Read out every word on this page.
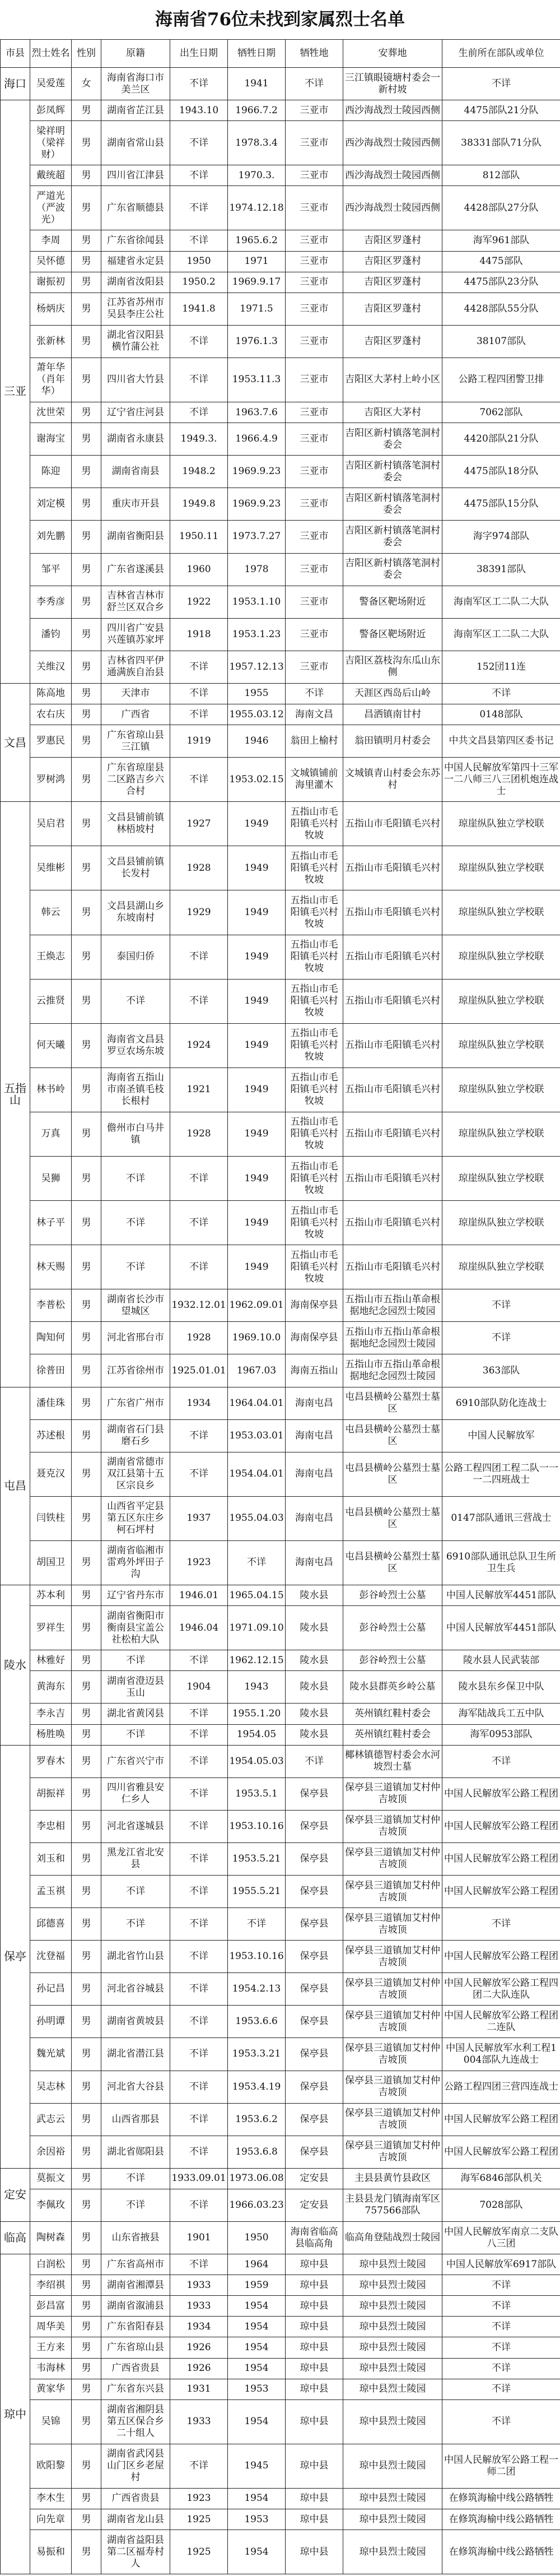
海南省76位未找到家属烈士名单
市县	烈士姓名	性别	原籍	出生日期	牺牲日期	牺牲地	安葬地	生前所在部队或单位
海口	吴爱莲	女	海南省海口市美兰区	不详	1941	不详	三江镇眼镜塘村委会一新村坡	不详
三亚	彭凤辉	男	湖南省芷江县	1943.10	1966.7.2	三亚市	西沙海战烈士陵园西侧	4475部队21分队
	梁祥明（梁祥财）	男	湖南省常山县	不详	1978.3.4	三亚市	西沙海战烈士陵园西侧	38331部队71分队
	戴统超	男	四川省江津县	不详	1970.3.	三亚市	西沙海战烈士陵园西侧	812部队
	严道光（严波光）	男	广东省顺德县	不详	1974.12.18	三亚市	西沙海战烈士陵园西侧	4428部队27分队
	李周	男	广东省徐闻县	不详	1965.6.2	三亚市	吉阳区罗蓬村	海军961部队
	吴怀德	男	福建省永定县	1950	1971	三亚市	吉阳区罗蓬村	4475部队
	谢振初	男	湖南省汝阳县	1950.2	1969.9.17	三亚市	吉阳区罗蓬村	4475部队23分队
	杨炳庆	男	江苏省苏州市吴县李庄公社	1941.8	1971.5	三亚市	吉阳区罗蓬村	4428部队55分队
	张新林	男	湖北省汉阳县横竹蒲公社	不详	1976.1.3	三亚市	吉阳区罗蓬村	38107部队
	萧年华（肖年华）	男	四川省大竹县	不详	1953.11.3	三亚市	吉阳区大茅村上岭小区	公路工程四团警卫排
	沈世荣	男	辽宁省庄河县	不详	1963.7.6	三亚市	吉阳区大茅村	7062部队
	谢海宝	男	湖南省永康县	1949.3.	1966.4.9	三亚市	吉阳区新村镇落笔洞村委会	4420部队21分队
	陈迎	男	湖南省南县	1948.2	1969.9.23	三亚市	吉阳区新村镇落笔洞村委会	4475部队18分队
	刘定模	男	重庆市开县	1949.8	1969.9.23	三亚市	吉阳区新村镇落笔洞村委会	4475部队15分队
	刘先鹏	男	湖南省衡阳县	1950.11	1973.7.27	三亚市	吉阳区新村镇落笔洞村委会	海字974部队
	邹平	男	广东省遂溪县	1960	1978	三亚市	吉阳区新村镇落笔洞村委会	38391部队
	李秀彦	男	吉林省吉林市舒兰区双合乡	1922	1953.1.10	三亚市	警备区靶场附近	海南军区工二队二大队
	潘钧	男	四川省广安县兴莲镇苏家坪	1918	1953.1.23	三亚市	警备区靶场附近	海南军区工二队二大队
	关维汉	男	吉林省四平伊通满族自治县	不详	1957.12.13	三亚市	吉阳区荔枝沟东瓜山东侧	152団11连
文昌	陈高地	男	天津市	不详	1955	不详	天涯区西岛后山岭	不详
	农右庆	男	广西省	不详	1955.03.12	海南文昌	昌洒镇南甘村	0148部队
	罗惠民	男	广东省琼山县三江镇	1919	1946	翁田上榆村	翁田镇明月村委会	中共文昌县第四区委书记
	罗树鸿	男	广东省琼崖县二区路吉乡六合村	不详	1953.02.15	文城镇铺前海里灌木	文城镇青山村委会东苏村	中国人民解放军第四十三军一二八师三八三团机炮连战士
五指山	吴启君	男	文昌县铺前镇林梧坡村	1927	1949	五指山市毛阳镇毛兴村牧坡	五指山市毛阳镇毛兴村	琼崖纵队独立学校联
	吴维彬	男	文昌县铺前镇长发村	1928	1949	五指山市毛阳镇毛兴村牧坡	五指山市毛阳镇毛兴村	琼崖纵队独立学校联
	韩云	男	文昌县湖山乡东坡南村	1929	1949	五指山市毛阳镇毛兴村牧坡	五指山市毛阳镇毛兴村	琼崖纵队独立学校联
	王焕志	男	泰国归侨	不详	1949	五指山市毛阳镇毛兴村牧坡	五指山市毛阳镇毛兴村	琼崖纵队独立学校联
	云推贤	男	不详	不详	1949	五指山市毛阳镇毛兴村牧坡	五指山市毛阳镇毛兴村	琼崖纵队独立学校联
	何天曦	男	海南省文昌县罗豆农场东坡	1924	1949	五指山市毛阳镇毛兴村牧坡	五指山市毛阳镇毛兴村	琼崖纵队独立学校联
	林书岭	男	海南省五指山市南圣镇毛枝长根村	1921	1949	五指山市毛阳镇毛兴村牧坡	五指山市毛阳镇毛兴村	琼崖纵队独立学校联
	万真	男	儋州市白马井镇	1928	1949	五指山市毛阳镇毛兴村牧坡	五指山市毛阳镇毛兴村	琼崖纵队独立学校联
	吴狮	男	不详	不详	1949	五指山市毛阳镇毛兴村牧坡	五指山市毛阳镇毛兴村	琼崖纵队独立学校联
	林子平	男	不详	不详	1949	五指山市毛阳镇毛兴村牧坡	五指山市毛阳镇毛兴村	琼崖纵队独立学校联
	林天赐	男	不详	不详	1949	五指山市毛阳镇毛兴村牧坡	五指山市毛阳镇毛兴村	琼崖纵队独立学校联
	李普松	男	湖南省长沙市望城区	1932.12.01	1962.09.01	海南保亭县	五指山市五指山革命根据地纪念园烈士陵园	不详
	陶知何	男	河北省邢台市	1928	1969.10.0	海南保亭县	五指山市五指山革命根据地纪念园烈士陵园	不详
	徐普田	男	江苏省徐州市	1925.01.01	1967.03	海南五指山	五指山市五指山革命根据地纪念园烈士陵园	363部队
屯昌	潘佳珠	男	广东省广州市	1934	1964.04.01	海南屯昌	屯昌县横岭公墓烈士墓区	6910部队防化连战士
	苏述根	男	湖南省石门县磨石乡	不详	1953.03.01	海南屯昌	屯昌县横岭公墓烈士墓区	中国人民解放军
	聂克汉	男	湖南省常德市双江县第十五区宗良乡	不详	1954.04.01	海南屯昌	屯昌县横岭公墓烈士墓区	公路工程四团工程二队一一一二四班战士
	闫铁柱	男	山西省平定县第五区东庄乡柯石坪村	1937	1955.04.03	海南屯昌	屯昌县横岭公墓烈士墓区	0147部队通讯三营战士
	胡国卫	男	湖南省临湘市雷鸡外坪田子沟	1923	不详	海南屯昌	屯昌县横岭公墓烈士墓区	6910部队通讯总队卫生所卫生兵
陵水	苏本利	男	辽宁省丹东市	1946.01	1965.04.15	陵水县	彭谷岭烈士公墓	中国人民解放军4451部队
	罗祥生	男	湖南省衡阳市衡南县宝盖公社松柏大队	1946.04	1971.09.10	陵水县	彭谷岭烈士公墓	中国人民解放军4451部队
	林雅好	男	不详	不详	1962.12.15	陵水县	彭谷岭烈士公墓	陵水县人民武装部
	黄海东	男	湖南省澄迈县玉山	1904	1943	陵水县	陵水县群英乡岭公墓	陵水县东乡保卫中队
	李永吉	男	湖北省黄冈县	不详	1955.1.20	陵水县	英州镇红鞋村委会	海军陆战兵工五中队
	杨胜唤	男	不详	不详	1954.05	陵水县	英州镇红鞋村委会	海军0953部队
保亭	罗春木	男	广东省兴宁市	不详	1954.05.03	不详	椰林镇德智村委会水河坡烈士墓	不详
	胡振祥	男	四川省雅县安仁乡人	不详	1953.5.1	保亭县	保亭县三道镇加艾村仲吉坡顶	中国人民解放军公路工程团
	李忠相	男	河北省遂城县	不详	1953.10.16	保亭县	保亭县三道镇加艾村仲吉坡顶	中国人民解放军公路工程团
	刘玉和	男	黑龙江省北安县	不详	1953.5.21	保亭县	保亭县三道镇加艾村仲吉坡顶	中国人民解放军公路工程团
	孟玉祺	男	不详	不详	1955.5.21	保亭县	保亭县三道镇加艾村仲吉坡顶	中国人民解放军公路工程团
	邱德喜	男	不详	不详	不详	保亭县	保亭县三道镇加艾村仲吉坡顶	不详
	沈登福	男	湖北省竹山县	不详	1953.10.16	保亭县	保亭县三道镇加艾村仲吉坡顶	中国人民解放军公路工程团
	孙记昌	男	河北省谷城县	不详	1954.2.13	保亭县	保亭县三道镇加艾村仲吉坡顶	中国人民解放军公路工程四团二大队连队
	孙明谭	男	湖南省黄坡县	不详	1953.6.6	保亭县	保亭县三道镇加艾村仲吉坡顶	中国人民解放军公路工程团二连队
	魏光斌	男	湖北省潜江县	不详	1953.3.21	保亭县	保亭县三道镇加艾村仲吉坡顶	中国人民解放军水利工程1004部队九连战士
	吴志林	男	河北省大谷县	不详	1953.4.19	保亭县	保亭县三道镇加艾村仲吉坡顶	公路工程四团三营四连战士
	武志云	男	山西省那县	不详	1953.6.2	保亭县	保亭县三道镇加艾村仲吉坡顶	中国人民解放军公路工程团
	余因裕	男	湖北省郧阳县	不详	1953.6.8	保亭县	保亭县三道镇加艾村仲吉坡顶	中国人民解放军公路工程团
定安	莫振文	男	不详	1933.09.01	1973.06.08	定安县	主县县黄竹县政区	海军6846部队机关
	李佩玫	男	不详	不详	1966.03.23	定安县	主县县龙门镇海南军区757566部队	7028部队
临高	陶树森	男	山东省掖县	1901	1950	海南省临高县临高角	临高角登陆战烈士陵园	中国人民解放军南京二支队八三团
琼中	白润松	男	广东省高州市	不详	1964	琼中县	琼中县烈士陵园	中国人民解放军6917部队
	李绍祺	男	湖南省湘潭县	1933	1959	琼中县	琼中县烈士陵园	不详
	彭昌富	男	湖南省溆浦县	1933	1954	琼中县	琼中县烈士陵园	不详
	周华美	男	广东省阳春县	1934	1954	琼中县	琼中县烈士陵园	不详
	王方来	男	广东省琼山县	1926	1954	琼中县	琼中县烈士陵园	不详
	韦海林	男	广西省贵县	1926	1954	琼中县	琼中县烈士陵园	不详
	黄家华	男	广东省东兴县	1931	1953	琼中县	琼中县烈士陵园	不详
	吴锦	男	湖南省湘阴县第五区保合乡二十组人	1933	1954	琼中县	琼中县烈士陵园	不详
	欧阳黎	男	湖南省武冈县山门区乡老屋村	不详	1945	琼中县	琼中县烈士陵园	中国人民解放军公路工程一师二团
	李木生	男	广西省贵县	1923	1954	琼中县	琼中县烈士陵园	在修筑海榆中线公路牺牲
	向先章	男	湖南省龙山县	1925	1953	琼中县	琼中县烈士陵园	在修筑海榆中线公路牺牲
	易振和	男	湖南省益阳县第二区福寿村人	1925	1954	琼中县	琼中县烈士陵园	在修筑海榆中线公路牺牲
